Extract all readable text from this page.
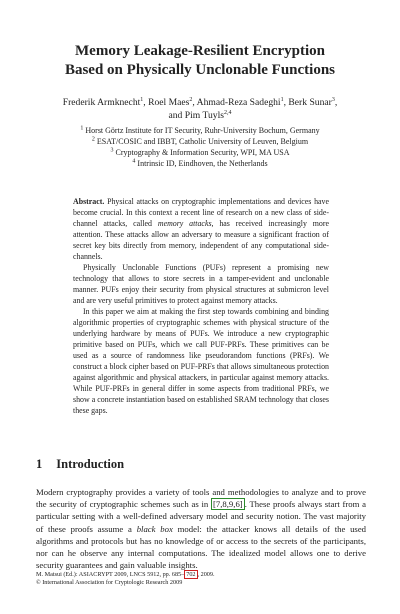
Memory Leakage-Resilient Encryption
Based on Physically Unclonable Functions
Frederik Armknecht$^1$, Roel Maes$^2$, Ahmad-Reza Sadeghi$^1$, Berk Sunar$^3$,
and Pim Tuyls$^{2,4}$
$^1$ Horst Görtz Institute for IT Security, Ruhr-University Bochum, Germany
$^2$ ESAT/COSIC and IBBT, Catholic University of Leuven, Belgium
$^3$ Cryptography & Information Security, WPI, MA USA
$^4$ Intrinsic ID, Eindhoven, the Netherlands

Abstract. Physical attacks on cryptographic implementations and devices have become crucial. In this context a recent line of research on a new class of side-channel attacks, called memory attacks, has received increasingly more attention. These attacks allow an adversary to measure a significant fraction of secret key bits directly from memory, independent of any computational side-channels.

Physically Unclonable Functions (PUFs) represent a promising new technology that allows to store secrets in a tamper-evident and unclonable manner. PUFs enjoy their security from physical structures at submicron level and are very useful primitives to protect against memory attacks.

In this paper we aim at making the first step towards combining and binding algorithmic properties of cryptographic schemes with physical structure of the underlying hardware by means of PUFs. We introduce a new cryptographic primitive based on PUFs, which we call PUF-PRFs. These primitives can be used as a source of randomness like pseudorandom functions (PRFs). We construct a block cipher based on PUF-PRFs that allows simultaneous protection against algorithmic and physical attackers, in particular against memory attacks. While PUF-PRFs in general differ in some aspects from traditional PRFs, we show a concrete instantiation based on established SRAM technology that closes these gaps.

1 Introduction

Modern cryptography provides a variety of tools and methodologies to analyze and to prove the security of cryptographic schemes such as in [7,8,9,6] . These proofs always start from a particular setting with a well-defined adversary model and security notion. The vast majority of these proofs assume a black box model: the attacker knows all details of the used algorithms and protocols but has no knowledge of or access to the secrets of the participants, nor can he observe any internal computations. The idealized model allows one to derive security guarantees and gain valuable insights.

M. Matsui (Ed.): ASIACRYPT 2009, LNCS 5912, pp. 685– 702 , 2009.
© International Association for Cryptologic Research 2009
